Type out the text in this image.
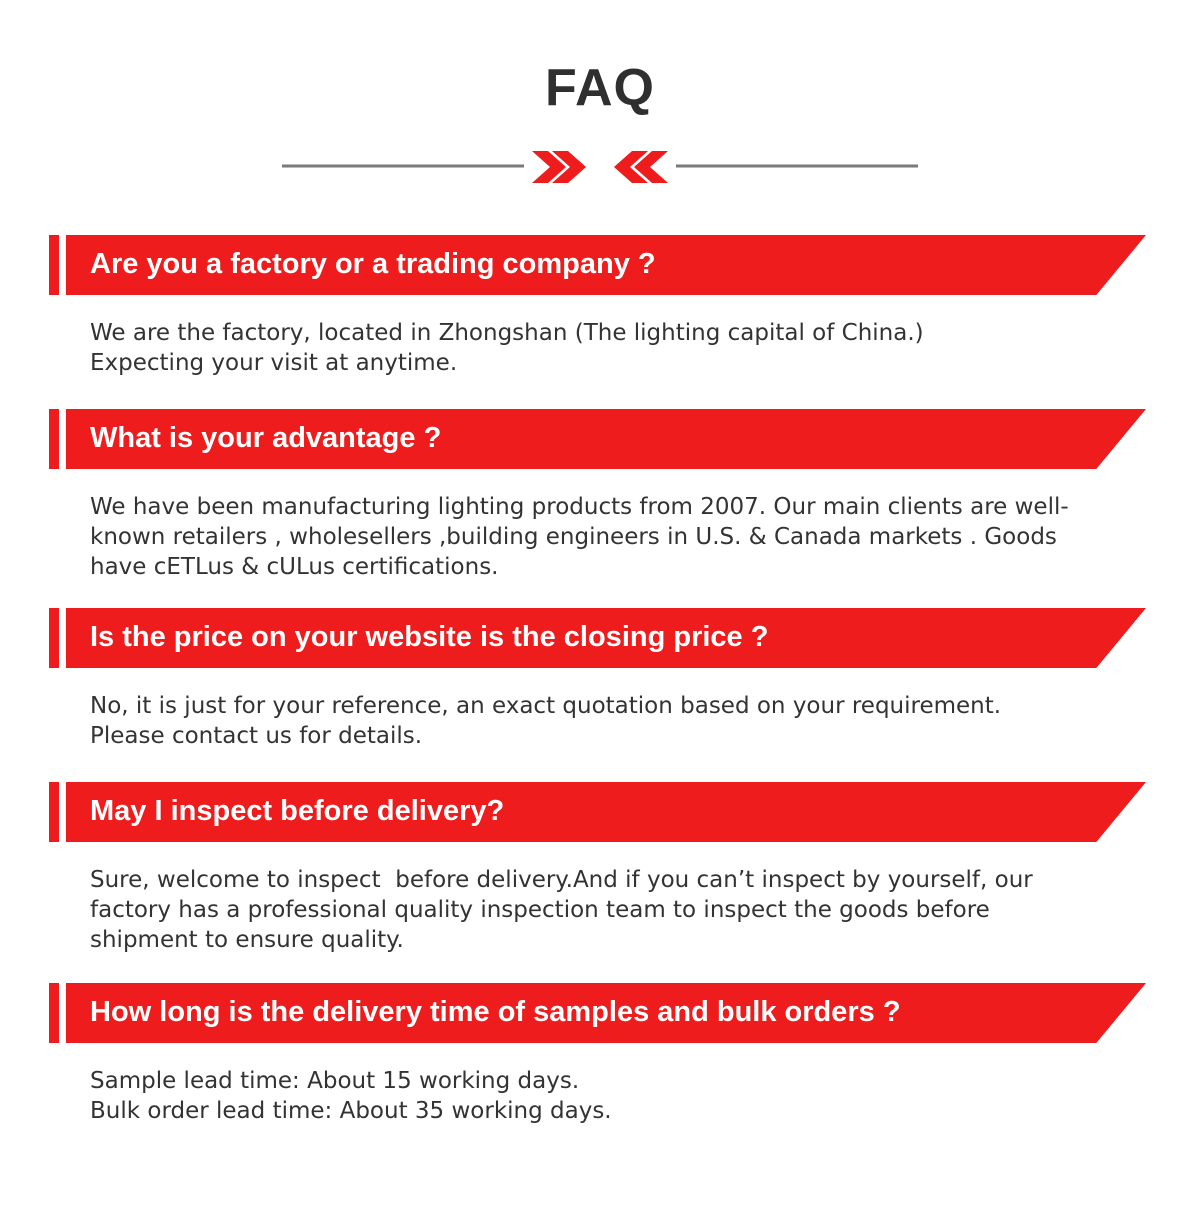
FAQ
Are you a factory or a trading company ?
We are the factory, located in Zhongshan (The lighting capital of China.)
Expecting your visit at anytime.
What is your advantage ?
We have been manufacturing lighting products from 2007. Our main clients are well-
known retailers , wholesellers ,building engineers in U.S. & Canada markets . Goods
have cETLus & cULus certifications.
Is the price on your website is the closing price ?
No, it is just for your reference, an exact quotation based on your requirement.
Please contact us for details.
May I inspect before delivery?
Sure, welcome to inspect  before delivery.And if you can’t inspect by yourself, our
factory has a professional quality inspection team to inspect the goods before
shipment to ensure quality.
How long is the delivery time of samples and bulk orders ?
Sample lead time: About 15 working days.
Bulk order lead time: About 35 working days.
